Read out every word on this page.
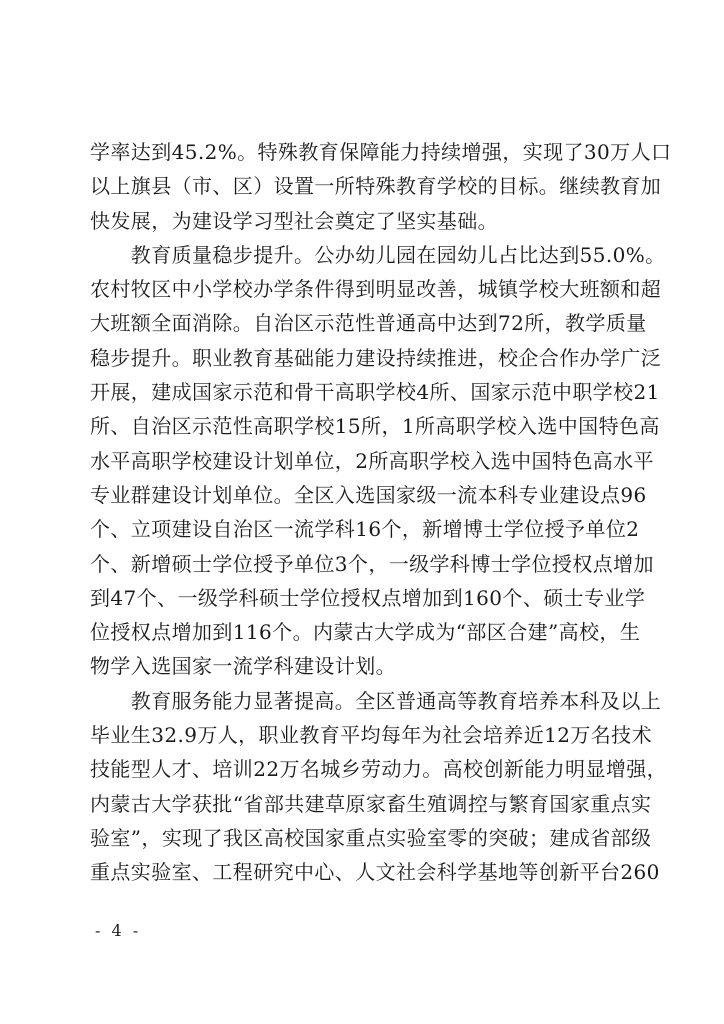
学率达到45.2%。特殊教育保障能力持续增强，实现了30万人口
以上旗县（市、区）设置一所特殊教育学校的目标。继续教育加
快发展，为建设学习型社会奠定了坚实基础。
　　教育质量稳步提升。公办幼儿园在园幼儿占比达到55.0%。
农村牧区中小学校办学条件得到明显改善，城镇学校大班额和超
大班额全面消除。自治区示范性普通高中达到72所，教学质量
稳步提升。职业教育基础能力建设持续推进，校企合作办学广泛
开展，建成国家示范和骨干高职学校4所、国家示范中职学校21
所、自治区示范性高职学校15所，1所高职学校入选中国特色高
水平高职学校建设计划单位，2所高职学校入选中国特色高水平
专业群建设计划单位。全区入选国家级一流本科专业建设点96
个、立项建设自治区一流学科16个，新增博士学位授予单位2
个、新增硕士学位授予单位3个，一级学科博士学位授权点增加
到47个、一级学科硕士学位授权点增加到160个、硕士专业学
位授权点增加到116个。内蒙古大学成为“部区合建”高校，生
物学入选国家一流学科建设计划。
　　教育服务能力显著提高。全区普通高等教育培养本科及以上
毕业生32.9万人，职业教育平均每年为社会培养近12万名技术
技能型人才、培训22万名城乡劳动力。高校创新能力明显增强，
内蒙古大学获批“省部共建草原家畜生殖调控与繁育国家重点实
验室”，实现了我区高校国家重点实验室零的突破；建成省部级
重点实验室、工程研究中心、人文社会科学基地等创新平台260
- 4 -
